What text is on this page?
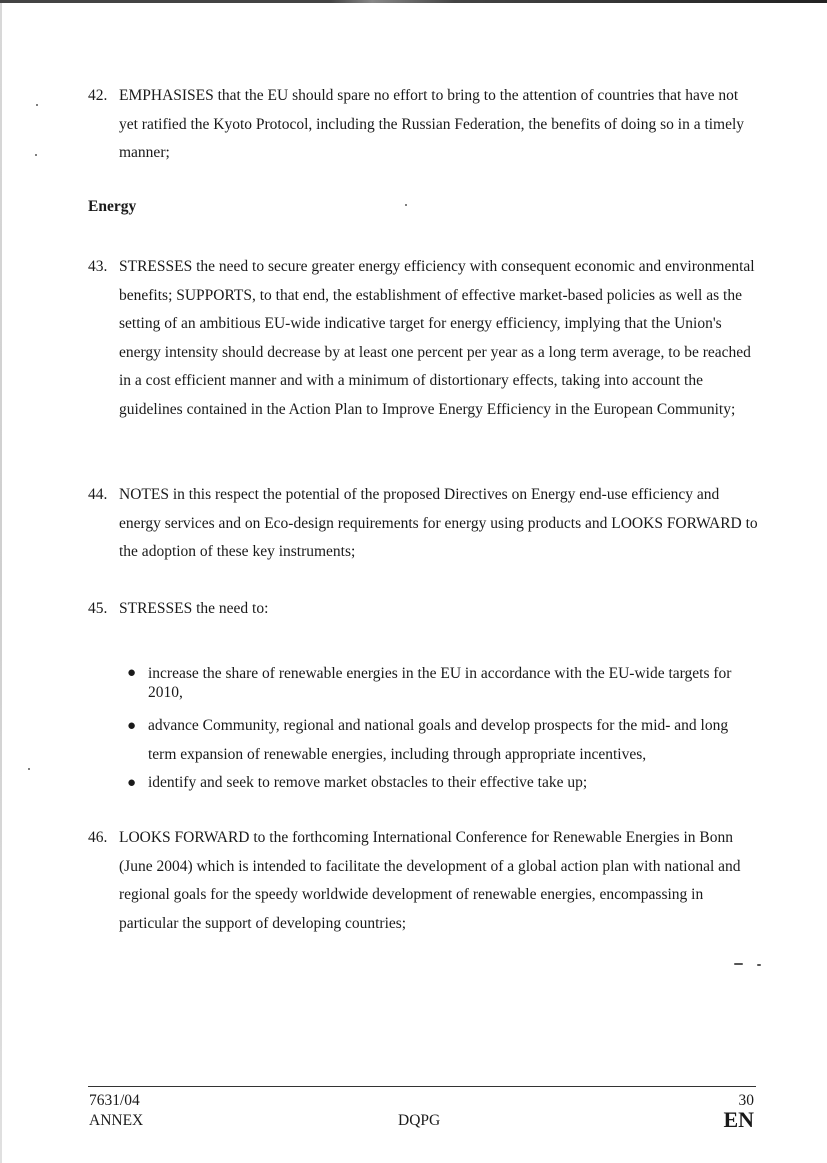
42. EMPHASISES that the EU should spare no effort to bring to the attention of countries that have not yet ratified the Kyoto Protocol, including the Russian Federation, the benefits of doing so in a timely manner;
Energy
43. STRESSES the need to secure greater energy efficiency with consequent economic and environmental benefits; SUPPORTS, to that end, the establishment of effective market-based policies as well as the setting of an ambitious EU-wide indicative target for energy efficiency, implying that the Union's energy intensity should decrease by at least one percent per year as a long term average, to be reached in a cost efficient manner and with a minimum of distortionary effects, taking into account the guidelines contained in the Action Plan to Improve Energy Efficiency in the European Community;
44. NOTES in this respect the potential of the proposed Directives on Energy end-use efficiency and energy services and on Eco-design requirements for energy using products and LOOKS FORWARD to the adoption of these key instruments;
45. STRESSES the need to:
● increase the share of renewable energies in the EU in accordance with the EU-wide targets for 2010,
● advance Community, regional and national goals and develop prospects for the mid- and long term expansion of renewable energies, including through appropriate incentives,
● identify and seek to remove market obstacles to their effective take up;
46. LOOKS FORWARD to the forthcoming International Conference for Renewable Energies in Bonn (June 2004) which is intended to facilitate the development of a global action plan with national and regional goals for the speedy worldwide development of renewable energies, encompassing in particular the support of developing countries;
7631/04
ANNEX	DQPG
30
EN
